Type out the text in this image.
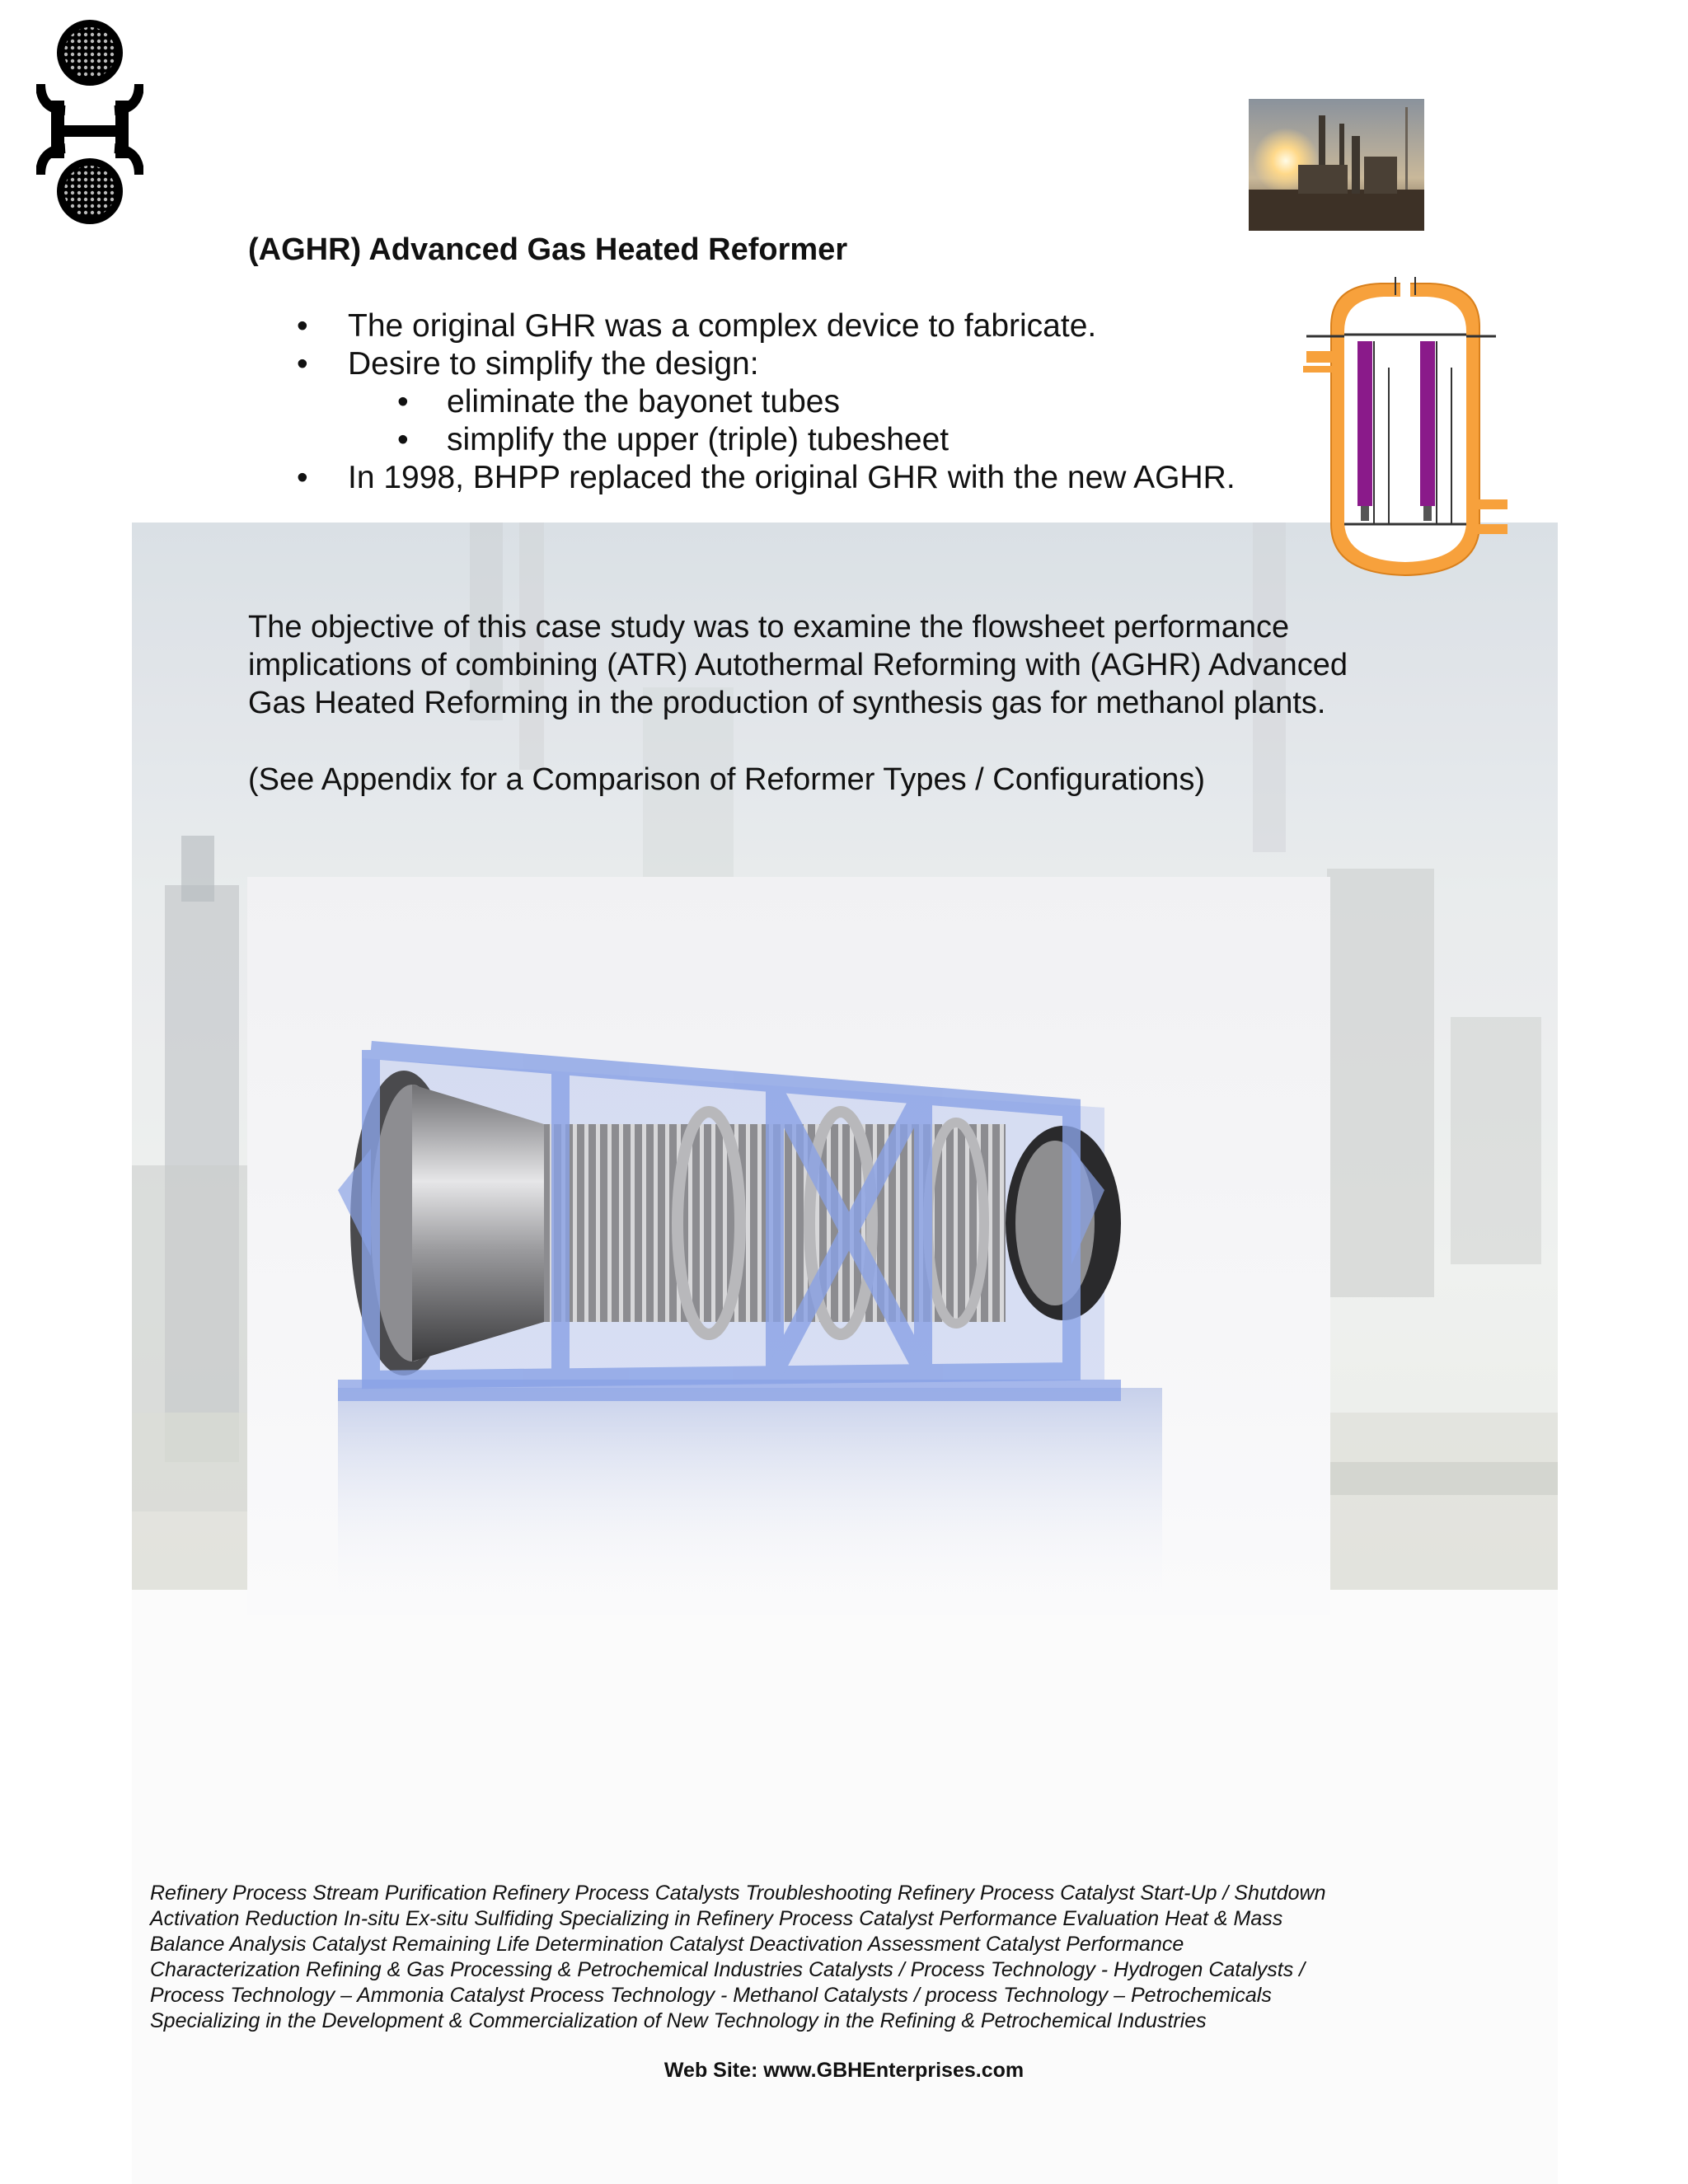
(AGHR) Advanced Gas Heated Reformer
• The original GHR was a complex device to fabricate.
• Desire to simplify the design:
• eliminate the bayonet tubes
• simplify the upper (triple) tubesheet
• In 1998, BHPP replaced the original GHR with the new AGHR.

The objective of this case study was to examine the flowsheet performance

implications of combining (ATR) Autothermal Reforming with (AGHR) Advanced

Gas Heated Reforming in the production of synthesis gas for methanol plants.

(See Appendix for a Comparison of Reformer Types / Configurations)
Refinery Process Stream Purification Refinery Process Catalysts Troubleshooting Refinery Process Catalyst Start-Up / Shutdown
Activation Reduction In-situ Ex-situ Sulfiding Specializing in Refinery Process Catalyst Performance Evaluation Heat & Mass
Balance Analysis Catalyst Remaining Life Determination Catalyst Deactivation Assessment Catalyst Performance
Characterization Refining & Gas Processing & Petrochemical Industries Catalysts / Process Technology - Hydrogen Catalysts /
Process Technology – Ammonia Catalyst Process Technology - Methanol Catalysts / process Technology – Petrochemicals
Specializing in the Development & Commercialization of New Technology in the Refining & Petrochemical Industries
Web Site: www.GBHEnterprises.com
